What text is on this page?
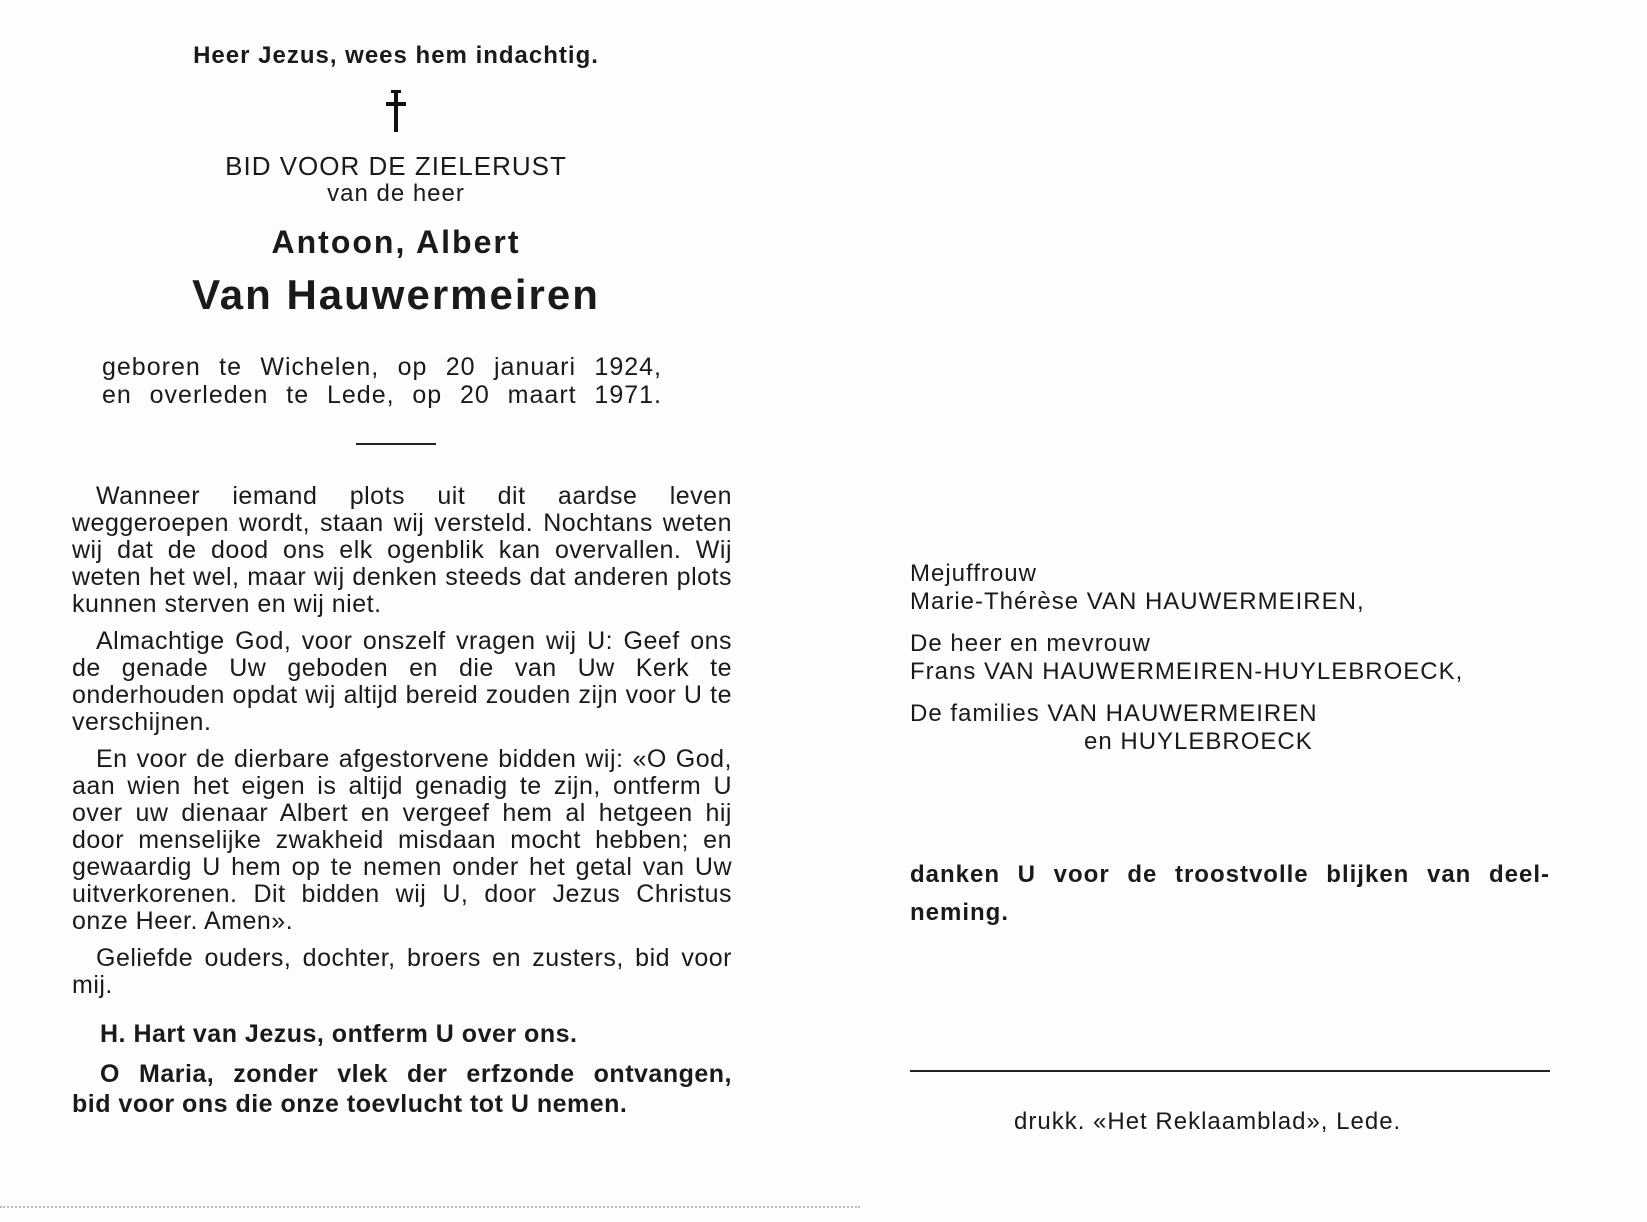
Heer Jezus, wees hem indachtig.
BID VOOR DE ZIELERUST
van de heer
Antoon, Albert
Van Hauwermeiren
geboren te Wichelen, op 20 januari 1924,
en overleden te Lede, op 20 maart 1971.

Wanneer iemand plots uit dit aardse leven weggeroepen wordt, staan wij versteld. Nochtans weten wij dat de dood ons elk ogenblik kan overvallen. Wij weten het wel, maar wij denken steeds dat anderen plots kunnen sterven en wij niet.

Almachtige God, voor onszelf vragen wij U: Geef ons de genade Uw geboden en die van Uw Kerk te onderhouden opdat wij altijd bereid zouden zijn voor U te verschijnen.

En voor de dierbare afgestorvene bidden wij: «O God, aan wien het eigen is altijd genadig te zijn, ontferm U over uw dienaar Albert en vergeef hem al hetgeen hij door menselijke zwakheid misdaan mocht hebben; en gewaardig U hem op te nemen onder het getal van Uw uitverkorenen. Dit bidden wij U, door Jezus Christus onze Heer. Amen».

Geliefde ouders, dochter, broers en zusters, bid voor mij.

H. Hart van Jezus, ontferm U over ons.
O Maria, zonder vlek der erfzonde ontvangen,
bid voor ons die onze toevlucht tot U nemen.
Mejuffrouw
Marie-Thérèse VAN HAUWERMEIREN,
De heer en mevrouw
Frans VAN HAUWERMEIREN-HUYLEBROECK,
De families VAN HAUWERMEIREN
en HUYLEBROECK
danken U voor de troostvolle blijken van deel-
neming.
drukk. «Het Reklaamblad», Lede.
